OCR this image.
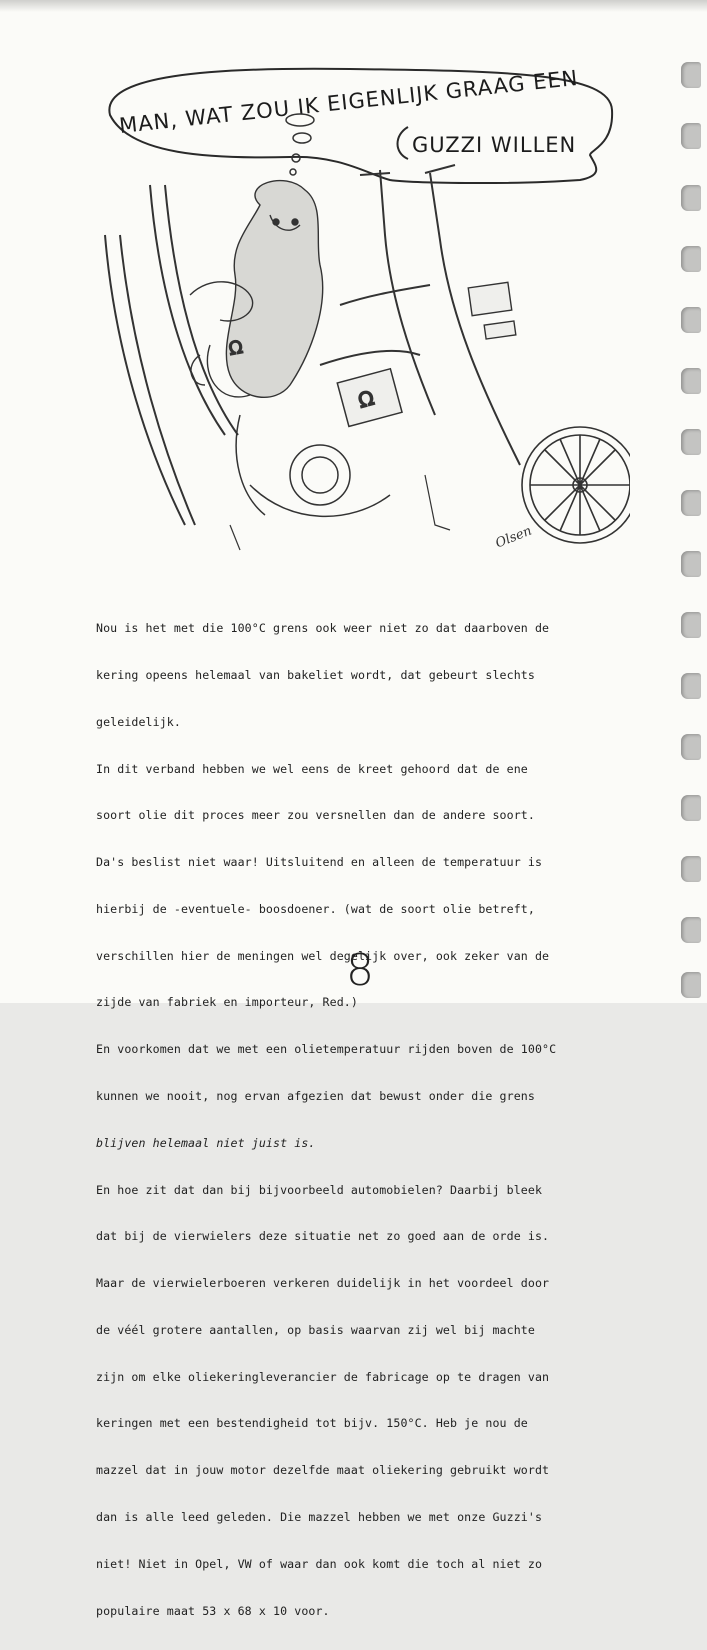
MAN, WAT ZOU IK EIGENLIJK GRAAG EEN
GUZZI WILLEN
Ω
Ω
Olsen

Nou is het met die 100°C grens ook weer niet zo dat daarboven de

kering opeens helemaal van bakeliet wordt, dat gebeurt slechts

geleidelijk.

In dit verband hebben we wel eens de kreet gehoord dat de ene

soort olie dit proces meer zou versnellen dan de andere soort.

Da's beslist niet waar! Uitsluitend en alleen de temperatuur is

hierbij de -eventuele- boosdoener. (wat de soort olie betreft,

verschillen hier de meningen wel degelijk over, ook zeker van de

zijde van fabriek en importeur, Red.)

En voorkomen dat we met een olietemperatuur rijden boven de 100°C

kunnen we nooit, nog ervan afgezien dat bewust onder die grens

blijven helemaal niet juist is.

En hoe zit dat dan bij bijvoorbeeld automobielen? Daarbij bleek

dat bij de vierwielers deze situatie net zo goed aan de orde is.

Maar de vierwielerboeren verkeren duidelijk in het voordeel door

de véél grotere aantallen, op basis waarvan zij wel bij machte

zijn om elke oliekeringleverancier de fabricage op te dragen van

keringen met een bestendigheid tot bijv. 150°C. Heb je nou de

mazzel dat in jouw motor dezelfde maat oliekering gebruikt wordt

dan is alle leed geleden. Die mazzel hebben we met onze Guzzi's

niet! Niet in Opel, VW of waar dan ook komt die toch al niet zo

populaire maat 53 x 68 x 10 voor.

8
